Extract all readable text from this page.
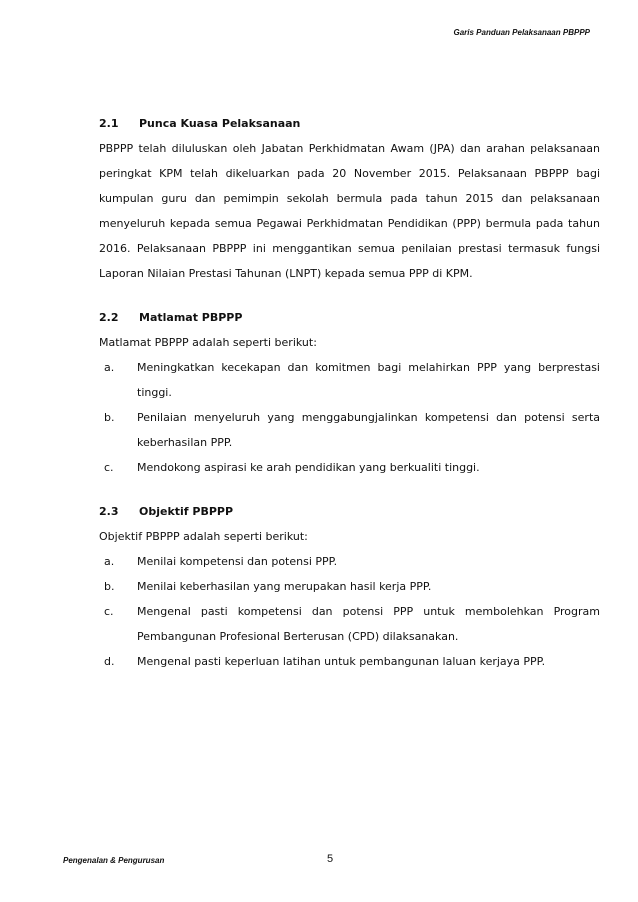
Garis Panduan Pelaksanaan PBPPP
2.1	Punca Kuasa Pelaksanaan
PBPPP telah diluluskan oleh Jabatan Perkhidmatan Awam (JPA) dan arahan pelaksanaan peringkat KPM telah dikeluarkan pada 20 November 2015. Pelaksanaan PBPPP bagi kumpulan guru dan pemimpin sekolah bermula pada tahun 2015 dan pelaksanaan menyeluruh kepada semua Pegawai Perkhidmatan Pendidikan (PPP) bermula pada tahun 2016. Pelaksanaan PBPPP ini menggantikan semua penilaian prestasi termasuk fungsi Laporan Nilaian Prestasi Tahunan (LNPT) kepada semua PPP di KPM.
2.2	Matlamat PBPPP
Matlamat PBPPP adalah seperti berikut:
a.	Meningkatkan kecekapan dan komitmen bagi melahirkan PPP yang berprestasi tinggi.
b.	Penilaian menyeluruh yang menggabungjalinkan kompetensi dan potensi serta keberhasilan PPP.
c.	Mendokong aspirasi ke arah pendidikan yang berkualiti tinggi.
2.3	Objektif PBPPP
Objektif PBPPP adalah seperti berikut:
a.	Menilai kompetensi dan potensi PPP.
b.	Menilai keberhasilan yang merupakan hasil kerja PPP.
c.	Mengenal pasti kompetensi dan potensi PPP untuk membolehkan Program Pembangunan Profesional Berterusan (CPD) dilaksanakan.
d.	Mengenal pasti keperluan latihan untuk pembangunan laluan kerjaya PPP.
Pengenalan & Pengurusan	5
